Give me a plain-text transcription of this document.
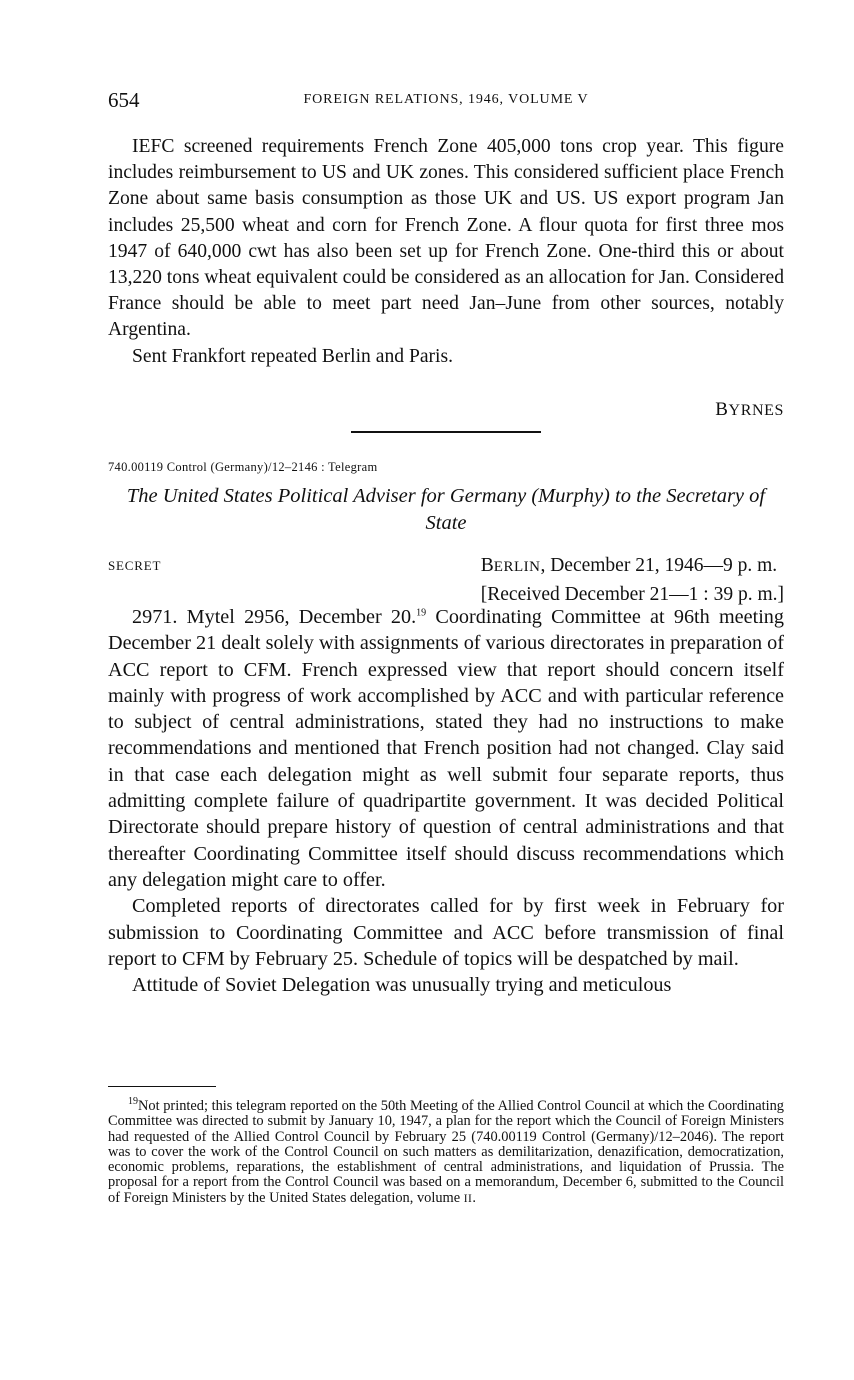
654	FOREIGN RELATIONS, 1946, VOLUME V

IEFC screened requirements French Zone 405,000 tons crop year. This figure includes reimbursement to US and UK zones. This considered sufficient place French Zone about same basis consumption as those UK and US. US export program Jan includes 25,500 wheat and corn for French Zone. A flour quota for first three mos 1947 of 640,000 cwt has also been set up for French Zone. One-third this or about 13,220 tons wheat equivalent could be considered as an allocation for Jan. Considered France should be able to meet part need Jan–June from other sources, notably Argentina.

Sent Frankfort repeated Berlin and Paris.

BYRNES
740.00119 Control (Germany)/12–2146 : Telegram
The United States Political Adviser for Germany (Murphy) to the Secretary of State
SECRET	BERLIN, December 21, 1946—9 p. m.
[Received December 21—1 : 39 p. m.]

2971. Mytel 2956, December 20.19 Coordinating Committee at 96th meeting December 21 dealt solely with assignments of various directorates in preparation of ACC report to CFM. French expressed view that report should concern itself mainly with progress of work accomplished by ACC and with particular reference to subject of central administrations, stated they had no instructions to make recommendations and mentioned that French position had not changed. Clay said in that case each delegation might as well submit four separate reports, thus admitting complete failure of quadripartite government. It was decided Political Directorate should prepare history of question of central administrations and that thereafter Coordinating Committee itself should discuss recommendations which any delegation might care to offer.

Completed reports of directorates called for by first week in February for submission to Coordinating Committee and ACC before transmission of final report to CFM by February 25. Schedule of topics will be despatched by mail.

Attitude of Soviet Delegation was unusually trying and meticulous

$^{19}$Not printed; this telegram reported on the 50th Meeting of the Allied Control Council at which the Coordinating Committee was directed to submit by January 10, 1947, a plan for the report which the Council of Foreign Ministers had requested of the Allied Control Council by February 25 (740.00119 Control (Germany)/12–2046). The report was to cover the work of the Control Council on such matters as demilitarization, denazification, democratization, economic problems, reparations, the establishment of central administrations, and liquidation of Prussia. The proposal for a report from the Control Council was based on a memorandum, December 6, submitted to the Council of Foreign Ministers by the United States delegation, volume II.
